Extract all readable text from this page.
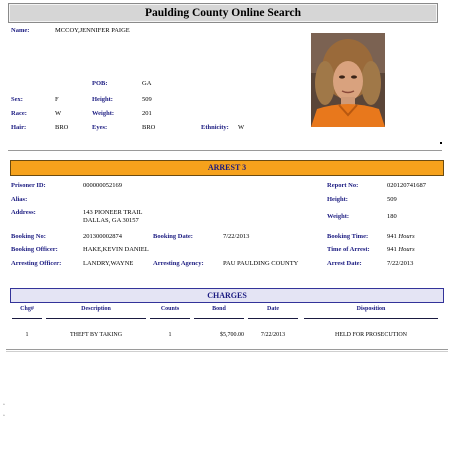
Paulding County Online Search
Name:	MCCOY,JENNIFER PAIGE
POB:	GA
Sex:	F	Height:	509
Race:	W	Weight:	201
Hair:	BRO	Eyes:	BRO	Ethnicity: W
ARREST 3
Prisoner ID:	000000052169	Report No:	020120741687
Alias:	Height:	509
Address:	143 PIONEER TRAIL
DALLAS, GA 30157
Weight:	180
Booking No:	201300002874	Booking Date:	7/22/2013	Booking Time:	941 Hours
Booking Officer:	HAKE,KEVIN DANIEL	Time of Arrest:	941 Hours
Arresting Officer:	LANDRY,WAYNE	Arresting Agency:	PAU PAULDING COUNTY	Arrest Date:	7/22/2013
CHARGES
Chg#	Description	Counts	Bond	Date	Disposition
1	THEFT BY TAKING	1	$5,700.00	7/22/2013	HELD FOR PROSECUTION
▫
▫
